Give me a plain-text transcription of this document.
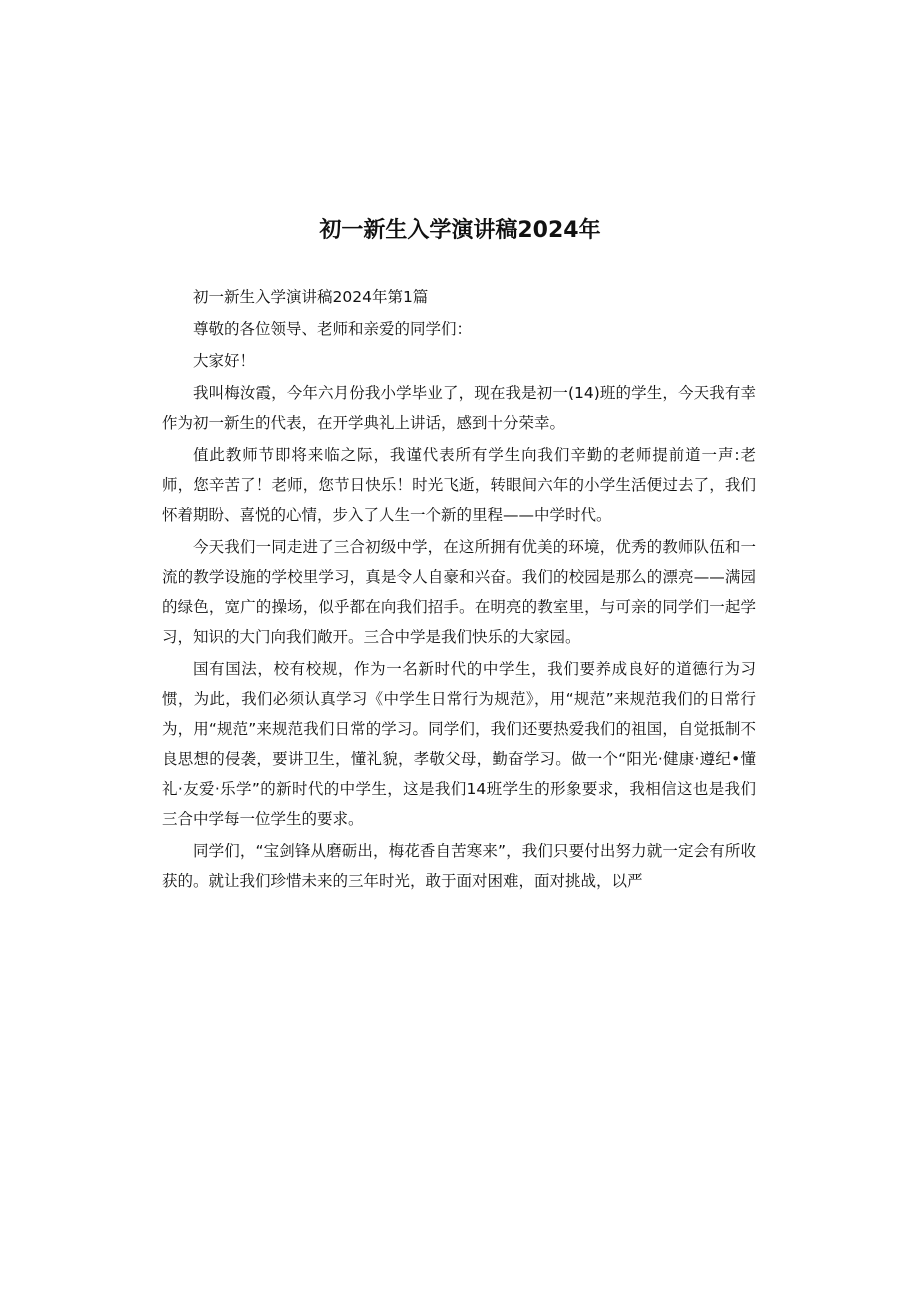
初一新生入学演讲稿2024年

初一新生入学演讲稿2024年第1篇

尊敬的各位领导、老师和亲爱的同学们：

大家好！

我叫梅汝霞，今年六月份我小学毕业了，现在我是初一(14)班的学生，今天我有幸作为初一新生的代表，在开学典礼上讲话，感到十分荣幸。

值此教师节即将来临之际，我谨代表所有学生向我们辛勤的老师提前道一声:老师，您辛苦了！老师，您节日快乐！时光飞逝，转眼间六年的小学生活便过去了，我们怀着期盼、喜悦的心情，步入了人生一个新的里程——中学时代。

今天我们一同走进了三合初级中学，在这所拥有优美的环境，优秀的教师队伍和一流的教学设施的学校里学习，真是令人自豪和兴奋。我们的校园是那么的漂亮——满园的绿色，宽广的操场，似乎都在向我们招手。在明亮的教室里，与可亲的同学们一起学习，知识的大门向我们敞开。三合中学是我们快乐的大家园。

国有国法，校有校规，作为一名新时代的中学生，我们要养成良好的道德行为习惯，为此，我们必须认真学习《中学生日常行为规范》，用“规范”来规范我们的日常行为，用“规范”来规范我们日常的学习。同学们，我们还要热爱我们的祖国，自觉抵制不良思想的侵袭，要讲卫生，懂礼貌，孝敬父母，勤奋学习。做一个“阳光·健康·遵纪•懂礼·友爱·乐学”的新时代的中学生，这是我们14班学生的形象要求，我相信这也是我们三合中学每一位学生的要求。

同学们，“宝剑锋从磨砺出，梅花香自苦寒来”，我们只要付出努力就一定会有所收获的。就让我们珍惜未来的三年时光，敢于面对困难，面对挑战，以严
